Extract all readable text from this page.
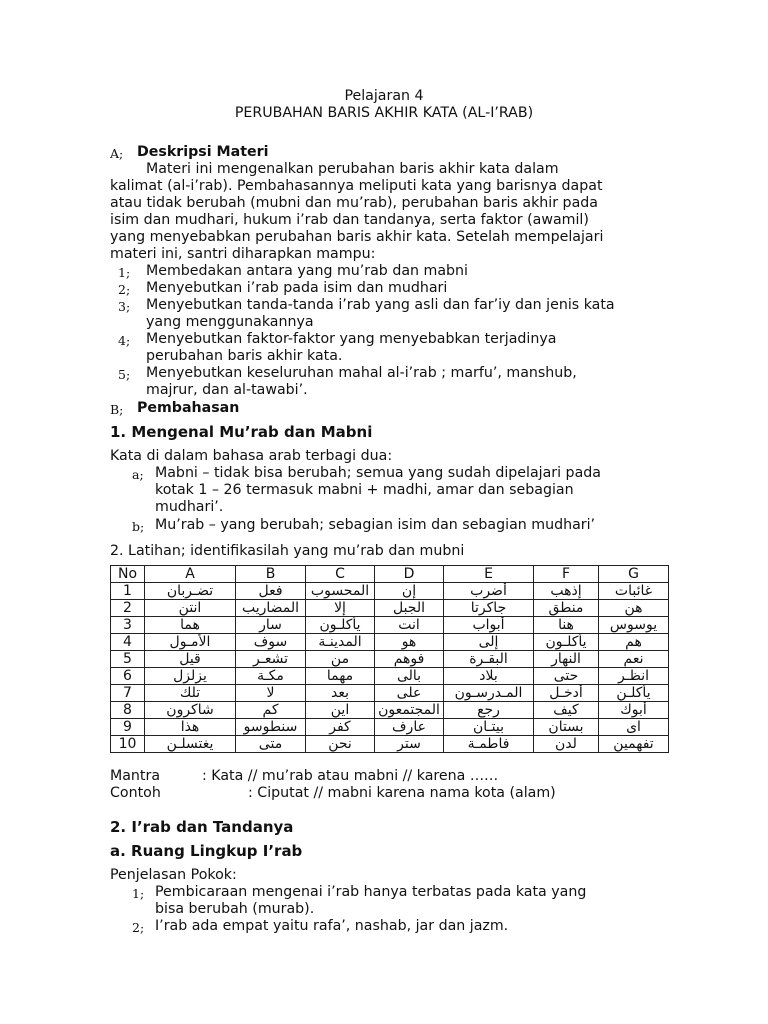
Pelajaran 4
PERUBAHAN BARIS AKHIR KATA (AL-I’RAB)
A; Deskripsi Materi
Materi ini mengenalkan perubahan baris akhir kata dalam
kalimat (al-i’rab). Pembahasannya meliputi kata yang barisnya dapat
atau tidak berubah (mubni dan mu’rab), perubahan baris akhir pada
isim dan mudhari, hukum i’rab dan tandanya, serta faktor (awamil)
yang menyebabkan perubahan baris akhir kata. Setelah mempelajari
materi ini, santri diharapkan mampu:
1; Membedakan antara yang mu’rab dan mabni
2; Menyebutkan i’rab pada isim dan mudhari
3; Menyebutkan tanda-tanda i’rab yang asli dan far’iy dan jenis kata
yang menggunakannya
4; Menyebutkan faktor-faktor yang menyebabkan terjadinya
perubahan baris akhir kata.
5; Menyebutkan keseluruhan mahal al-i’rab ; marfu’, manshub,
majrur, dan al-tawabi’.
B; Pembahasan
1. Mengenal Mu’rab dan Mabni
Kata di dalam bahasa arab terbagi dua:
a; Mabni – tidak bisa berubah; semua yang sudah dipelajari pada
kotak 1 – 26 termasuk mabni + madhi, amar dan sebagian
mudhari’.
b; Mu’rab – yang berubah; sebagian isim dan sebagian mudhari’
2. Latihan; identifikasilah yang mu’rab dan mubni
No	A	B	C	D	E	F	G
1	تضـربان	فعل	المحسوب	إن	أضرب	إذهب	غائبات
2	انتن	المضاريب	إلا	الجبل	جاكرتا	منطق	هن
3	هما	سار	يأكلـون	انت	أبواب	هنا	يوسوس
4	الأمـول	سوف	المدينـة	هو	إلى	يأكلـون	هم
5	قيل	تشعـر	من	فوهم	البقـرة	النهار	نعم
6	يزلزل	مكـة	مهما	بالى	بلاد	حتى	انظـر
7	تلك	لا	بعد	على	المـدرسـون	أدخـل	يأكلـن
8	شاكرون	كم	اين	المجتمعون	رجع	كيف	أبوك
9	هذا	سنطوسو	كفر	عارف	بيتـان	بستان	اى
10	يغتسلـن	متى	نحن	ستر	فاطمـة	لدن	تفهمين
Mantra	: Kata // mu’rab atau mabni // karena ……
Contoh	: Ciputat // mabni karena nama kota (alam)
2. I’rab dan Tandanya
a. Ruang Lingkup I’rab
Penjelasan Pokok:
1; Pembicaraan mengenai i’rab hanya terbatas pada kata yang
bisa berubah (murab).
2; I’rab ada empat yaitu rafa’, nashab, jar dan jazm.
